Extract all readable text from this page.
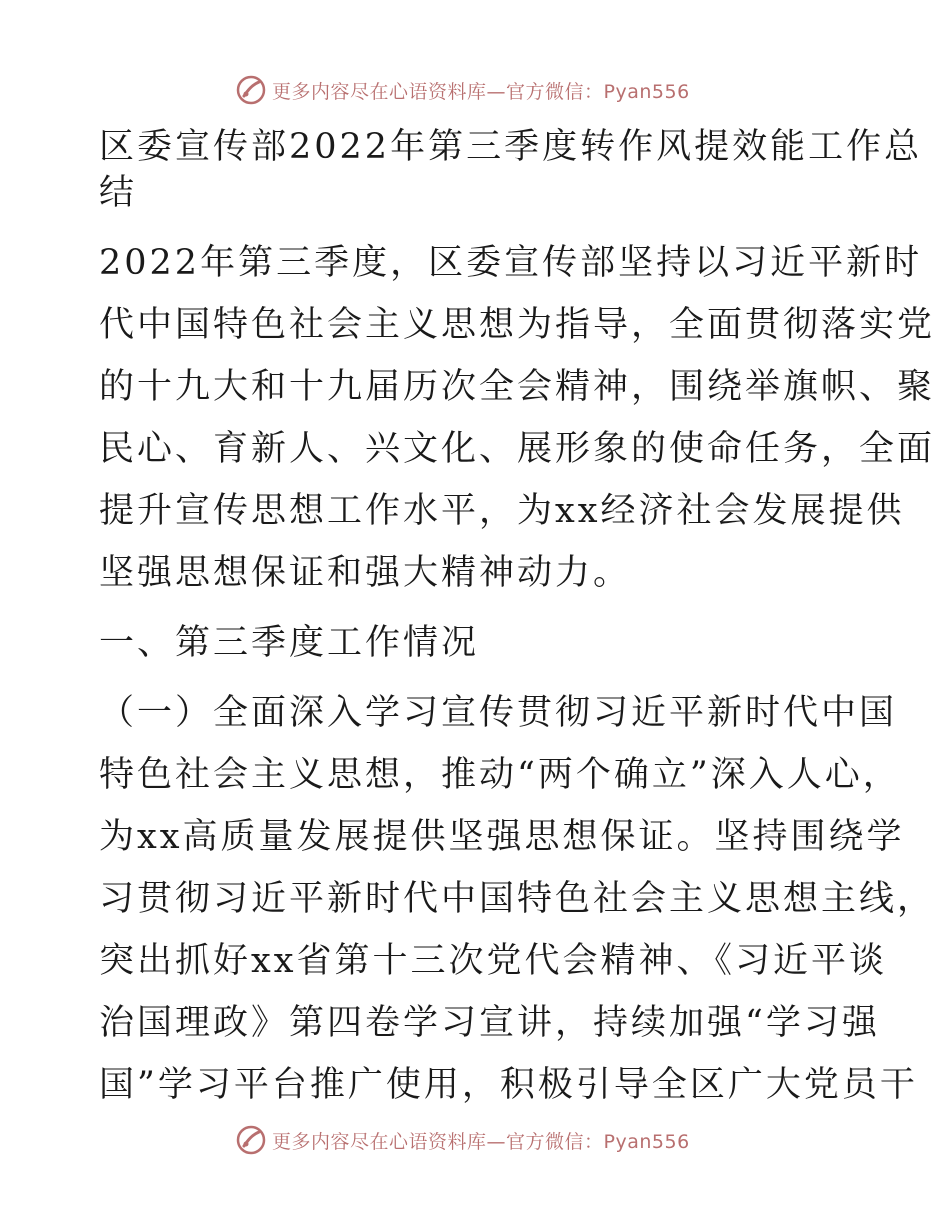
更多内容尽在心语资料库—官方微信：Pyan556
区委宣传部2022年第三季度转作风提效能工作总
结
2022年第三季度，区委宣传部坚持以习近平新时
代中国特色社会主义思想为指导，全面贯彻落实党
的十九大和十九届历次全会精神，围绕举旗帜、聚
民心、育新人、兴文化、展形象的使命任务，全面
提升宣传思想工作水平，为xx经济社会发展提供
坚强思想保证和强大精神动力。
一、第三季度工作情况
（一）全面深入学习宣传贯彻习近平新时代中国
特色社会主义思想，推动“两个确立”深入人心，
为xx高质量发展提供坚强思想保证。坚持围绕学
习贯彻习近平新时代中国特色社会主义思想主线，
突出抓好xx省第十三次党代会精神、《习近平谈
治国理政》第四卷学习宣讲，持续加强“学习强
国”学习平台推广使用，积极引导全区广大党员干
更多内容尽在心语资料库—官方微信：Pyan556
